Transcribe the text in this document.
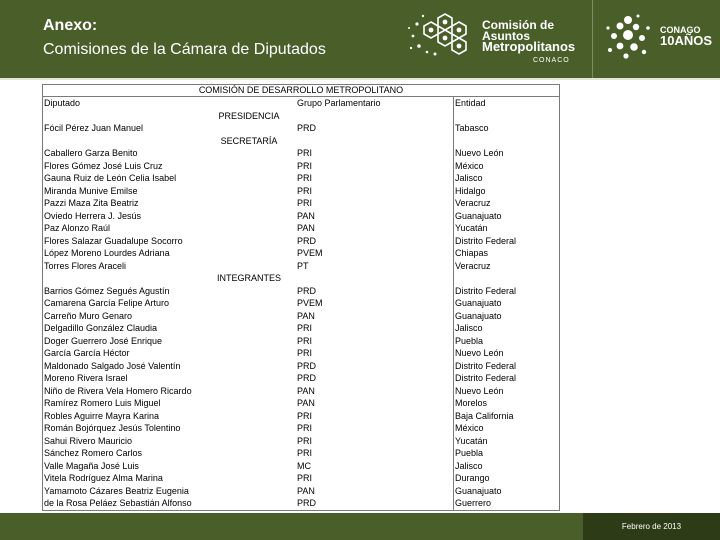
Anexo:
Comisiones de la Cámara de Diputados
Comisión de
Asuntos
Metropolitanos
CONACO
CONAGO
10AÑOS
COMISIÓN DE DESARROLLO METROPOLITANO
Diputado	Grupo Parlamentario	Entidad
PRESIDENCIA
Fócil Pérez Juan Manuel	PRD	Tabasco
SECRETARÍA
Caballero Garza Benito	PRI	Nuevo León
Flores Gómez José Luis Cruz	PRI	México
Gauna Ruiz de León Celia Isabel	PRI	Jalisco
Miranda Munive Emilse	PRI	Hidalgo
Pazzi Maza Zita Beatriz	PRI	Veracruz
Oviedo Herrera J. Jesús	PAN	Guanajuato
Paz Alonzo Raúl	PAN	Yucatán
Flores Salazar Guadalupe Socorro	PRD	Distrito Federal
López Moreno Lourdes Adriana	PVEM	Chiapas
Torres Flores Araceli	PT	Veracruz
INTEGRANTES
Barrios Gómez Segués Agustín	PRD	Distrito Federal
Camarena García Felipe Arturo	PVEM	Guanajuato
Carreño Muro Genaro	PAN	Guanajuato
Delgadillo González Claudia	PRI	Jalisco
Doger Guerrero José Enrique	PRI	Puebla
García García Héctor	PRI	Nuevo León
Maldonado Salgado José Valentín	PRD	Distrito Federal
Moreno Rivera Israel	PRD	Distrito Federal
Niño de Rivera Vela Homero Ricardo	PAN	Nuevo León
Ramírez Romero Luis Miguel	PAN	Morelos
Robles Aguirre Mayra Karina	PRI	Baja California
Román Bojórquez Jesús Tolentino	PRI	México
Sahui Rivero Mauricio	PRI	Yucatán
Sánchez Romero Carlos	PRI	Puebla
Valle Magaña José Luis	MC	Jalisco
Vitela Rodríguez Alma Marina	PRI	Durango
Yamamoto Cázares Beatriz Eugenia	PAN	Guanajuato
de la Rosa Peláez Sebastián Alfonso	PRD	Guerrero
Febrero de 2013
